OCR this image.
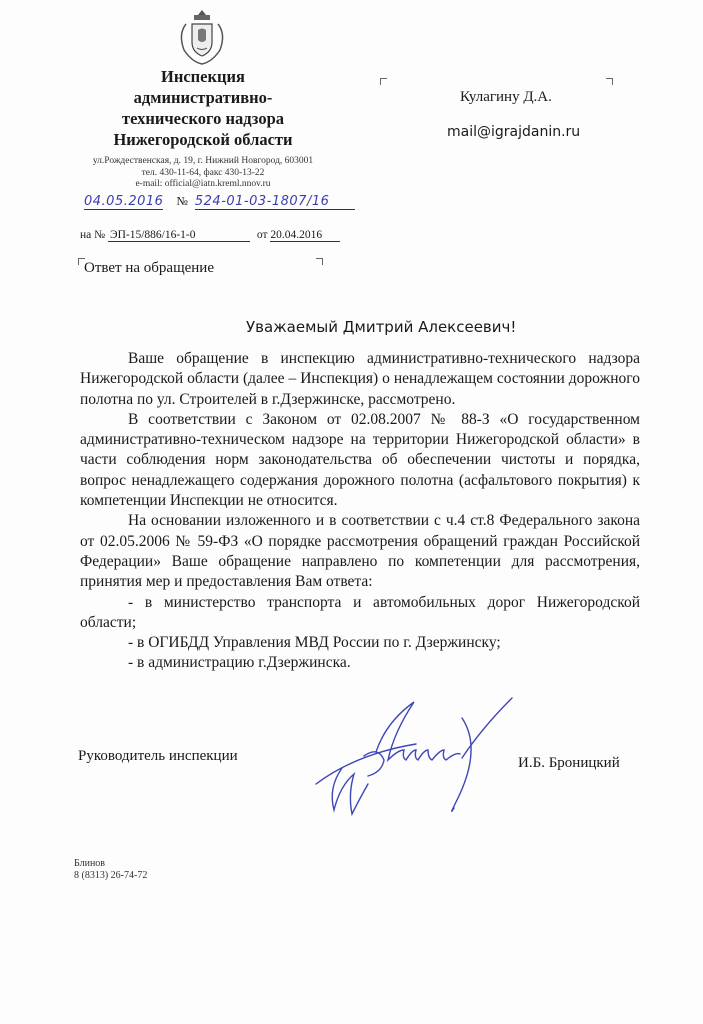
Инспекция
административно-
технического надзора
Нижегородской области
ул.Рождественская, д. 19, г. Нижний Новгород, 603001
тел. 430-11-64, факс 430-13-22
e-mail: official@iatn.kreml.nnov.ru
04.05.2016 № 524-01-03-1807/16
на № ЭП-15/886/16-1-0	от 20.04.2016
Ответ на обращение
Кулагину Д.А.
mail@igrajdanin.ru
Уважаемый Дмитрий Алексеевич!

Ваше обращение в инспекцию административно-технического надзора Нижегородской области (далее – Инспекция) о ненадлежащем состоянии дорожного полотна по ул. Строителей в г.Дзержинске, рассмотрено.

В соответствии с Законом от 02.08.2007 № 88-З «О государственном административно-техническом надзоре на территории Нижегородской области» в части соблюдения норм законодательства об обеспечении чистоты и порядка, вопрос ненадлежащего содержания дорожного полотна (асфальтового покрытия) к компетенции Инспекции не относится.

На основании изложенного и в соответствии с ч.4 ст.8 Федерального закона от 02.05.2006 № 59-ФЗ «О порядке рассмотрения обращений граждан Российской Федерации» Ваше обращение направлено по компетенции для рассмотрения, принятия мер и предоставления Вам ответа:

- в министерство транспорта и автомобильных дорог Нижегородской области;

- в ОГИБДД Управления МВД России по г. Дзержинску;

- в администрацию г.Дзержинска.

Руководитель инспекции	И.Б. Броницкий
Блинов
8 (8313) 26-74-72
